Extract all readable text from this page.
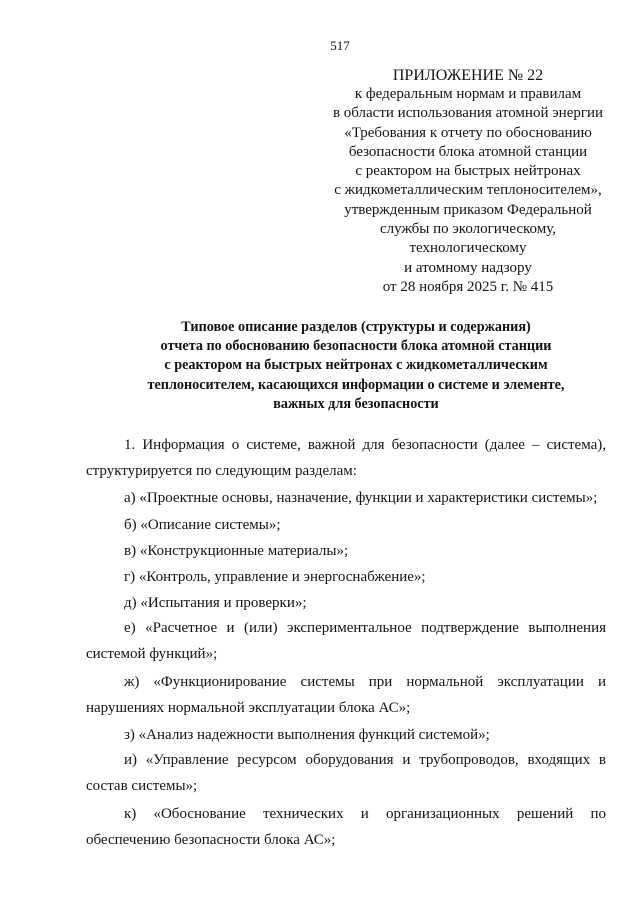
517
ПРИЛОЖЕНИЕ № 22
к федеральным нормам и правилам
в области использования атомной энергии
«Требования к отчету по обоснованию
безопасности блока атомной станции
с реактором на быстрых нейтронах
с жидкометаллическим теплоносителем»,
утвержденным приказом Федеральной
службы по экологическому,
технологическому
и атомному надзору
от 28 ноября 2025 г. № 415
Типовое описание разделов (структуры и содержания)
отчета по обоснованию безопасности блока атомной станции
с реактором на быстрых нейтронах с жидкометаллическим
теплоносителем, касающихся информации о системе и элементе,
важных для безопасности

1. Информация о системе, важной для безопасности (далее – система), структурируется по следующим разделам:

а) «Проектные основы, назначение, функции и характеристики системы»;

б) «Описание системы»;

в) «Конструкционные материалы»;

г) «Контроль, управление и энергоснабжение»;

д) «Испытания и проверки»;

е) «Расчетное и (или) экспериментальное подтверждение выполнения системой функций»;

ж) «Функционирование системы при нормальной эксплуатации и нарушениях нормальной эксплуатации блока АС»;

з) «Анализ надежности выполнения функций системой»;

и) «Управление ресурсом оборудования и трубопроводов, входящих в состав системы»;

к) «Обоснование технических и организационных решений по обеспечению безопасности блока АС»;
